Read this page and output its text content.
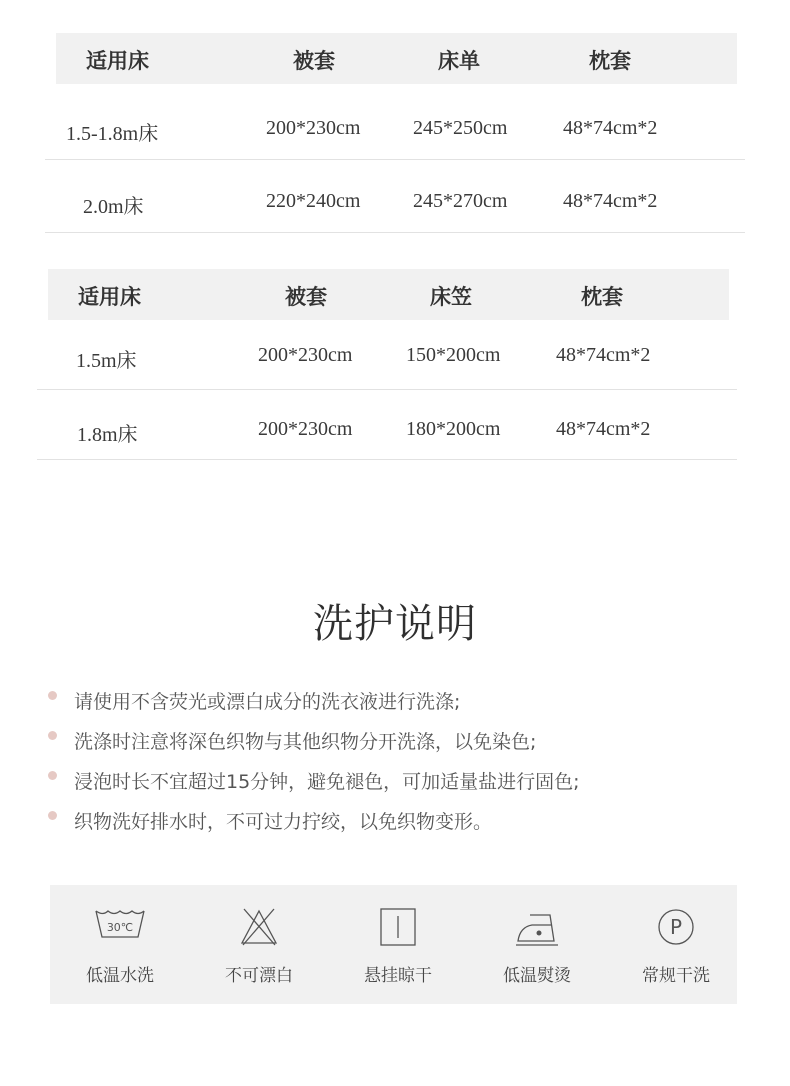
适用床	被套	床单	枕套
1.5-1.8m床	200*230cm	245*250cm	48*74cm*2
2.0m床	220*240cm	245*270cm	48*74cm*2
适用床	被套	床笠	枕套
1.5m床	200*230cm	150*200cm	48*74cm*2
1.8m床	200*230cm	180*200cm	48*74cm*2
洗护说明
请使用不含荧光或漂白成分的洗衣液进行洗涤;
洗涤时注意将深色织物与其他织物分开洗涤，以免染色;
浸泡时长不宜超过15分钟，避免褪色，可加适量盐进行固色;
织物洗好排水时，不可过力拧绞，以免织物变形。
30℃
低温水洗	不可漂白	悬挂晾干	低温熨烫
P
常规干洗
